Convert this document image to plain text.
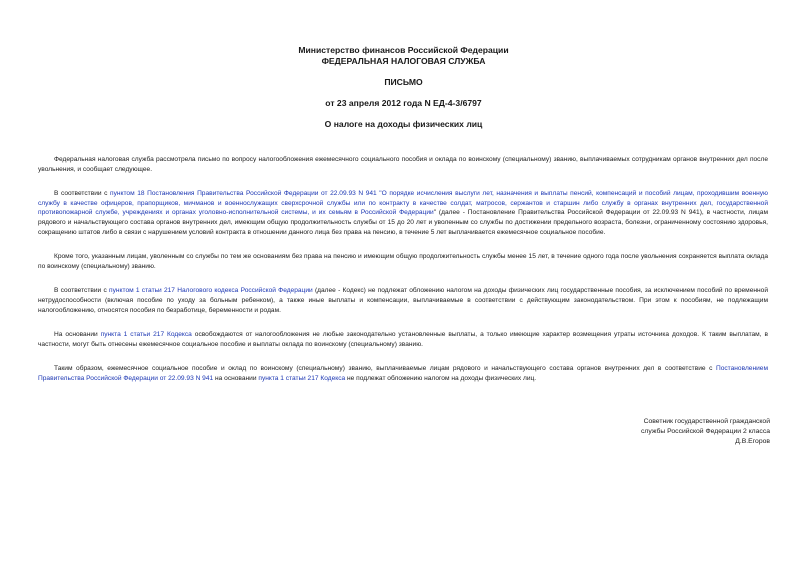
Министерство финансов Российской Федерации
ФЕДЕРАЛЬНАЯ НАЛОГОВАЯ СЛУЖБА
ПИСЬМО
от 23 апреля 2012 года N ЕД-4-3/6797
О налоге на доходы физических лиц

Федеральная налоговая служба рассмотрела письмо по вопросу налогообложения ежемесячного социального пособия и оклада по воинскому (специальному) званию, выплачиваемых сотрудникам органов внутренних дел после увольнения, и сообщает следующее.

В соответствии с пунктом 18 Постановления Правительства Российской Федерации от 22.09.93 N 941 "О порядке исчисления выслуги лет, назначения и выплаты пенсий, компенсаций и пособий лицам, проходившим военную службу в качестве офицеров, прапорщиков, мичманов и военнослужащих сверхсрочной службы или по контракту в качестве солдат, матросов, сержантов и старшин либо службу в органах внутренних дел, государственной противопожарной службе, учреждениях и органах уголовно-исполнительной системы, и их семьям в Российской Федерации" (далее - Постановление Правительства Российской Федерации от 22.09.93 N 941), в частности, лицам рядового и начальствующего состава органов внутренних дел, имеющим общую продолжительность службы от 15 до 20 лет и уволенным со службы по достижении предельного возраста, болезни, ограниченному состоянию здоровья, сокращению штатов либо в связи с нарушением условий контракта в отношении данного лица без права на пенсию, в течение 5 лет выплачивается ежемесячное социальное пособие.

Кроме того, указанным лицам, уволенным со службы по тем же основаниям без права на пенсию и имеющим общую продолжительность службы менее 15 лет, в течение одного года после увольнения сохраняется выплата оклада по воинскому (специальному) званию.

В соответствии с пунктом 1 статьи 217 Налогового кодекса Российской Федерации (далее - Кодекс) не подлежат обложению налогом на доходы физических лиц государственные пособия, за исключением пособий по временной нетрудоспособности (включая пособие по уходу за больным ребенком), а также иные выплаты и компенсации, выплачиваемые в соответствии с действующим законодательством. При этом к пособиям, не подлежащим налогообложению, относятся пособия по безработице, беременности и родам.

На основании пункта 1 статьи 217 Кодекса освобождаются от налогообложения не любые законодательно установленные выплаты, а только имеющие характер возмещения утраты источника доходов. К таким выплатам, в частности, могут быть отнесены ежемесячное социальное пособие и выплаты оклада по воинскому (специальному) званию.

Таким образом, ежемесячное социальное пособие и оклад по воинскому (специальному) званию, выплачиваемые лицам рядового и начальствующего состава органов внутренних дел в соответствие с Постановлением Правительства Российской Федерации от 22.09.93 N 941 на основании пункта 1 статьи 217 Кодекса не подлежат обложению налогом на доходы физических лиц.

Советник государственной гражданской
службы Российской Федерации 2 класса
Д.В.Егоров
